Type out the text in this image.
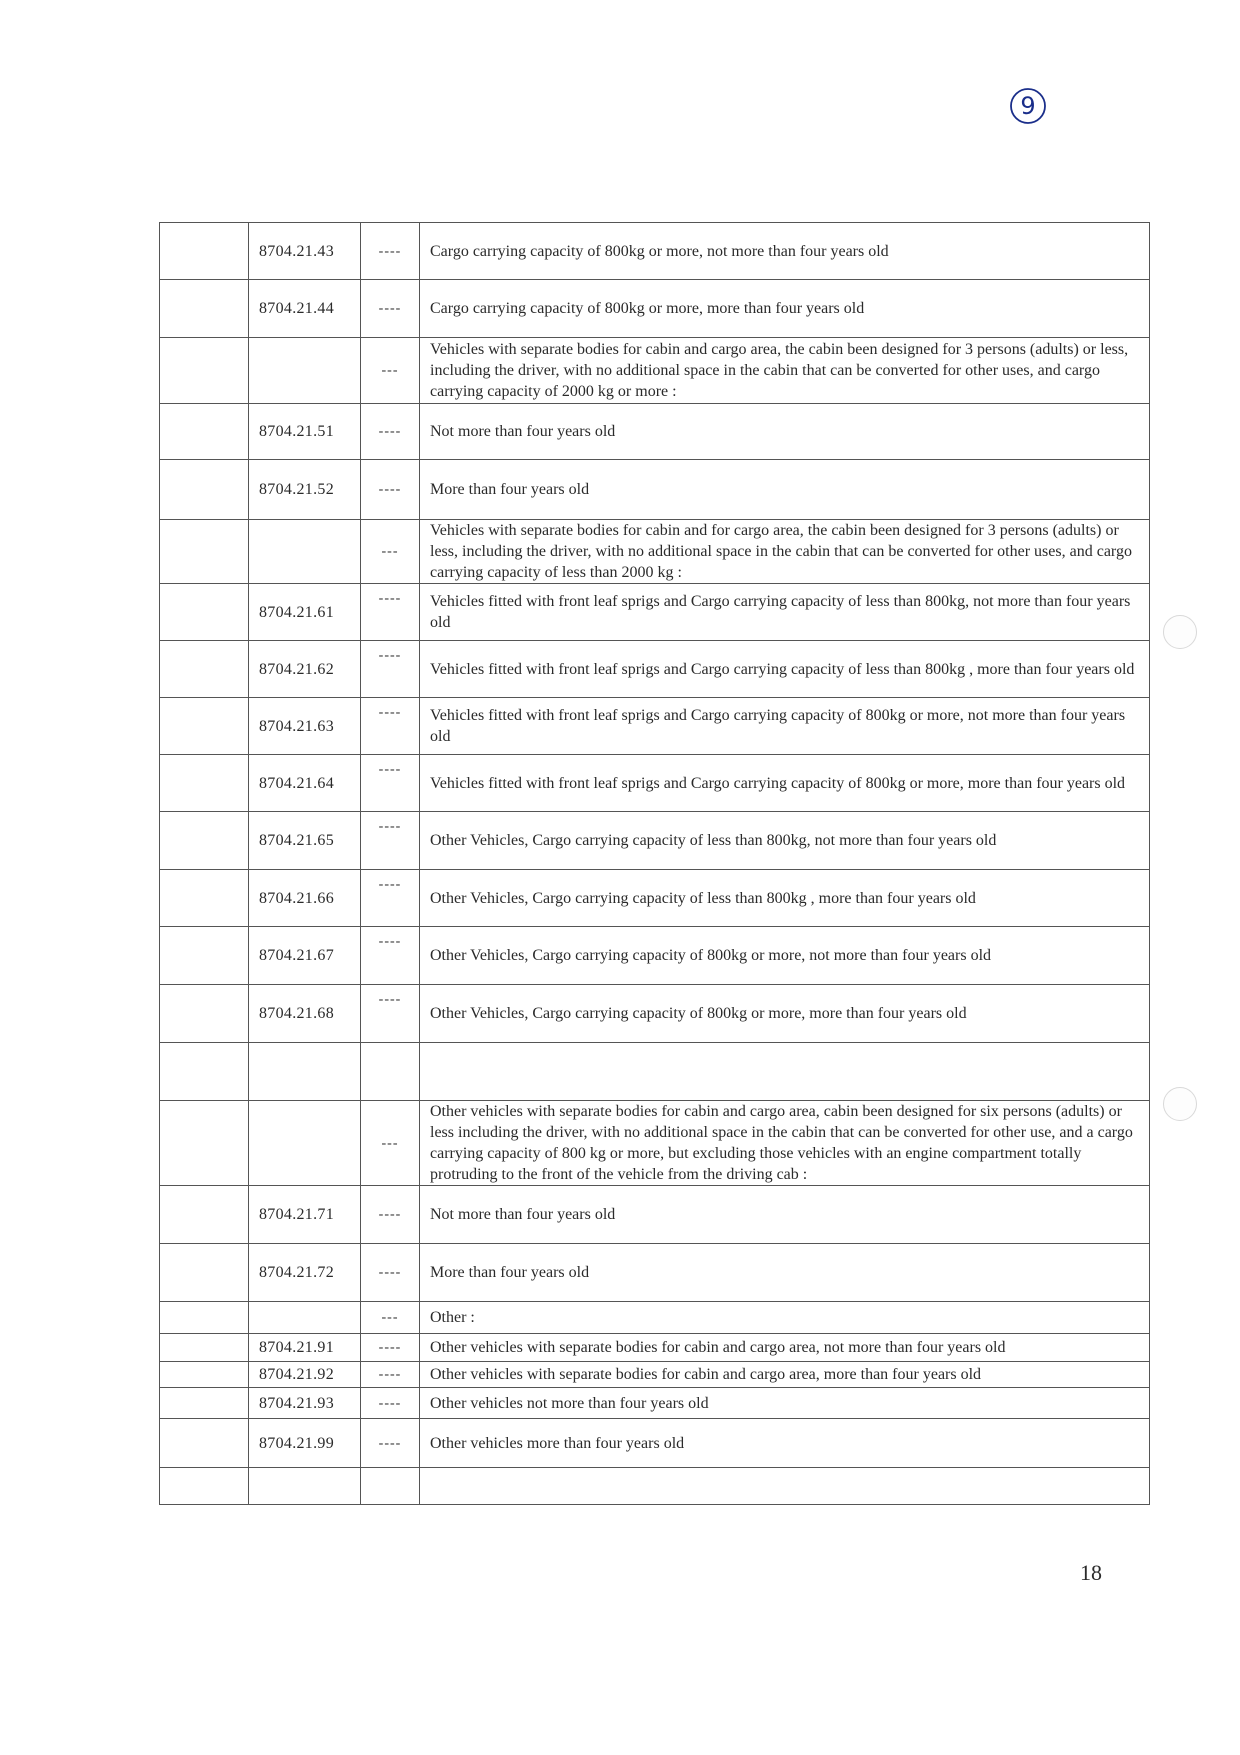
9
	8704.21.43	----	Cargo carrying capacity of 800kg or more, not more than four years old
	8704.21.44	----	Cargo carrying capacity of 800kg or more, more than four years old
		---	Vehicles with separate bodies for cabin and cargo area, the cabin been designed for 3 persons (adults) or less, including the driver, with no additional space in the cabin that can be converted for other uses, and cargo carrying capacity of 2000 kg or more :
	8704.21.51	----	Not more than four years old
	8704.21.52	----	More than four years old
		---	Vehicles with separate bodies for cabin and for cargo area, the cabin been designed for 3 persons (adults) or less, including the driver, with no additional space in the cabin that can be converted for other uses, and cargo carrying capacity of less than 2000 kg :
	8704.21.61	----	Vehicles fitted with front leaf sprigs and Cargo carrying capacity of less than 800kg, not more than four years old
	8704.21.62	----	Vehicles fitted with front leaf sprigs and Cargo carrying capacity of less than 800kg , more than four years old
	8704.21.63	----	Vehicles fitted with front leaf sprigs and Cargo carrying capacity of 800kg or more, not more than four years old
	8704.21.64	----	Vehicles fitted with front leaf sprigs and Cargo carrying capacity of 800kg or more, more than four years old
	8704.21.65	----	Other Vehicles, Cargo carrying capacity of less than 800kg, not more than four years old
	8704.21.66	----	Other Vehicles, Cargo carrying capacity of less than 800kg , more than four years old
	8704.21.67	----	Other Vehicles, Cargo carrying capacity of 800kg or more, not more than four years old
	8704.21.68	----	Other Vehicles, Cargo carrying capacity of 800kg or more, more than four years old

		---	Other vehicles with separate bodies for cabin and cargo area, cabin been designed for six persons (adults) or less including the driver, with no additional space in the cabin that can be converted for other use, and a cargo carrying capacity of 800 kg or more, but excluding those vehicles with an engine compartment totally protruding to the front of the vehicle from the driving cab :
	8704.21.71	----	Not more than four years old
	8704.21.72	----	More than four years old
		---	Other :
	8704.21.91	----	Other vehicles with separate bodies for cabin and cargo area, not more than four years old
	8704.21.92	----	Other vehicles with separate bodies for cabin and cargo area, more than four years old
	8704.21.93	----	Other vehicles not more than four years old
	8704.21.99	----	Other vehicles more than four years old

18
